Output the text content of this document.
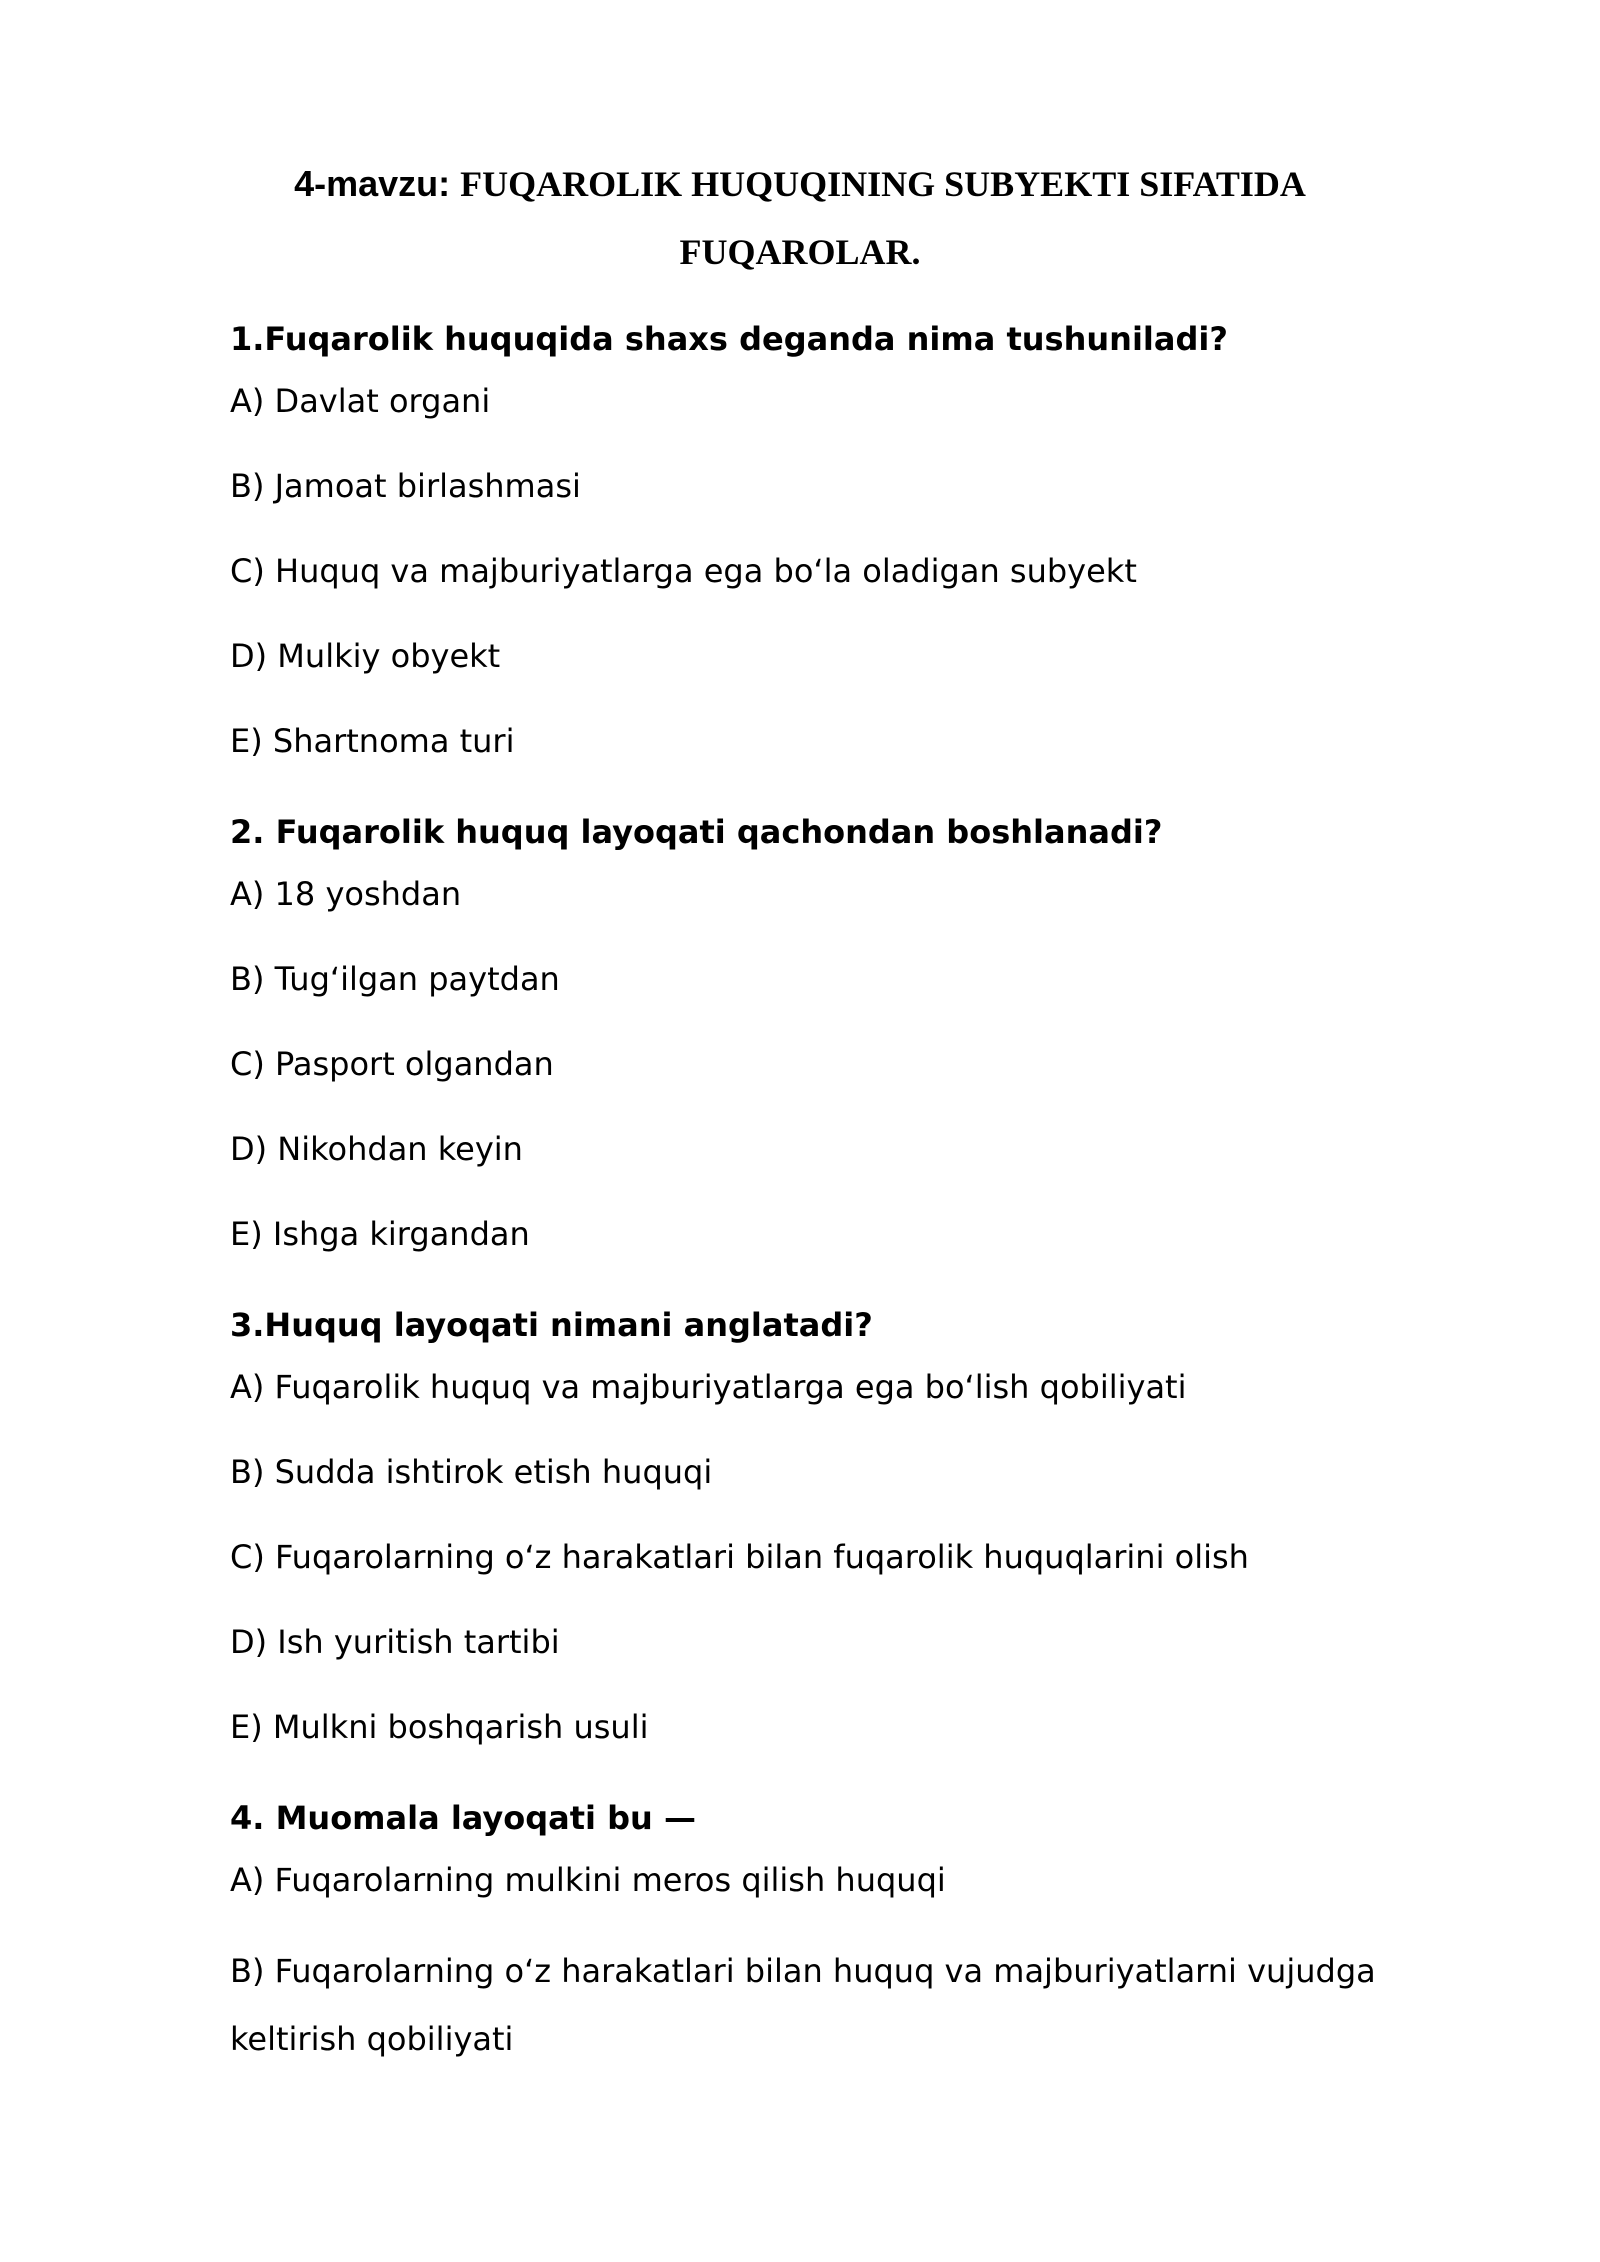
4-mavzu: FUQAROLIK HUQUQINING SUBYEKTI SIFATIDA FUQAROLAR.

1.Fuqarolik huquqida shaxs deganda nima tushuniladi?

A) Davlat organi

B) Jamoat birlashmasi

C) Huquq va majburiyatlarga ega bo‘la oladigan subyekt

D) Mulkiy obyekt

E) Shartnoma turi

2. Fuqarolik huquq layoqati qachondan boshlanadi?

A) 18 yoshdan

B) Tug‘ilgan paytdan

C) Pasport olgandan

D) Nikohdan keyin

E) Ishga kirgandan

3.Huquq layoqati nimani anglatadi?

A) Fuqarolik huquq va majburiyatlarga ega bo‘lish qobiliyati

B) Sudda ishtirok etish huquqi

C) Fuqarolarning o‘z harakatlari bilan fuqarolik huquqlarini olish

D) Ish yuritish tartibi

E) Mulkni boshqarish usuli

4. Muomala layoqati bu —

A) Fuqarolarning mulkini meros qilish huquqi

B) Fuqarolarning o‘z harakatlari bilan huquq va majburiyatlarni vujudga keltirish qobiliyati
